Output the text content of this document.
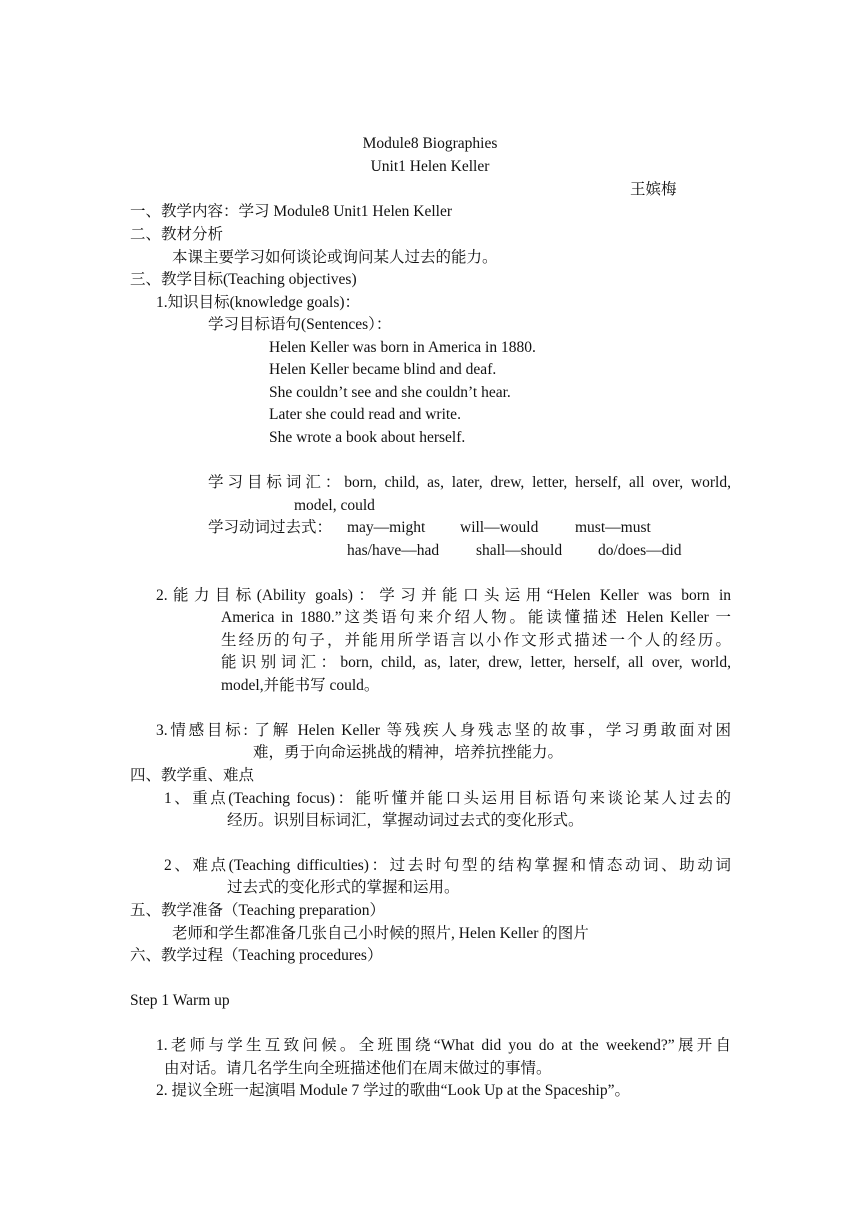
Module8 Biographies
Unit1 Helen Keller
王嫔梅
一、教学内容：学习 Module8 Unit1 Helen Keller
二、教材分析
本课主要学习如何谈论或询问某人过去的能力。
三、教学目标(Teaching objectives)
1.知识目标(knowledge goals)：
学习目标语句(Sentences）：
Helen Keller was born in America in 1880.
Helen Keller became blind and deaf.
She couldn’t see and she couldn’t hear.
Later she could read and write.
She wrote a book about herself.
学习目标词汇：born, child, as, later, drew, letter, herself, all over, world,
model, could
学习动词过去式： may—might will—would must—must
has/have—had shall—should do/does—did
2.能力目标(Ability goals)：学习并能口头运用“Helen Keller was born in
America in 1880.”这类语句来介绍人物。能读懂描述 Helen Keller 一
生经历的句子，并能用所学语言以小作文形式描述一个人的经历。
能识别词汇：born, child, as, later, drew, letter, herself, all over, world,
model,并能书写 could。
3.情感目标: 了解 Helen Keller 等残疾人身残志坚的故事，学习勇敢面对困
难，勇于向命运挑战的精神，培养抗挫能力。
四、教学重、难点
1、重点(Teaching focus)：能听懂并能口头运用目标语句来谈论某人过去的
经历。识别目标词汇，掌握动词过去式的变化形式。
2、难点(Teaching difficulties)：过去时句型的结构掌握和情态动词、助动词
过去式的变化形式的掌握和运用。
五、教学准备（Teaching preparation）
老师和学生都准备几张自己小时候的照片, Helen Keller 的图片
六、教学过程（Teaching procedures）
Step 1 Warm up
1.老师与学生互致问候。全班围绕“What did you do at the weekend?”展开自
由对话。请几名学生向全班描述他们在周末做过的事情。
2. 提议全班一起演唱 Module 7 学过的歌曲“Look Up at the Spaceship”。
